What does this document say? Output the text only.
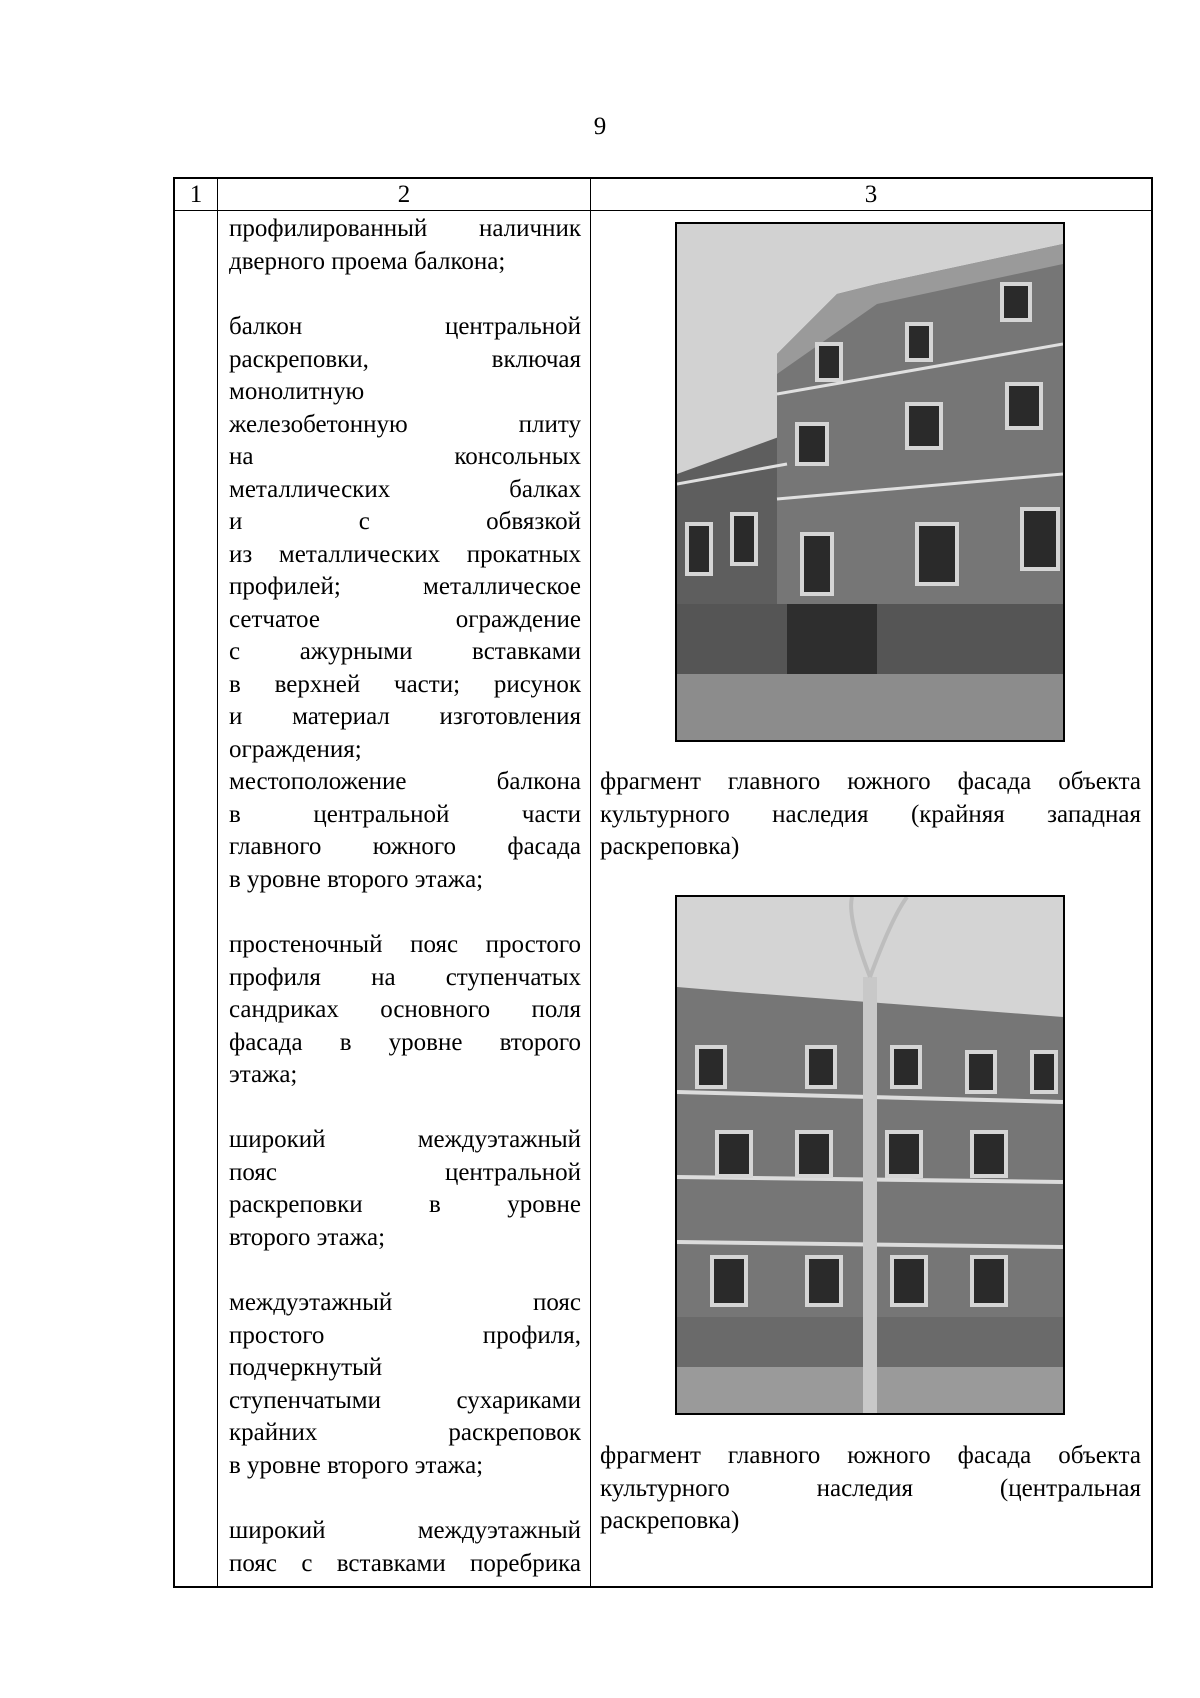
9
1	2	3
профилированный наличник
дверного проема балкона;
балкон центральной
раскреповки, включая
монолитную
железобетонную плиту
на консольных
металлических балках
и с обвязкой
из металлических прокатных
профилей; металлическое
сетчатое ограждение
с ажурными вставками
в верхней части; рисунок
и материал изготовления
ограждения;
местоположение балкона
в центральной части
главного южного фасада
в уровне второго этажа;
простеночный пояс простого
профиля на ступенчатых
сандриках основного поля
фасада в уровне второго
этажа;
широкий междуэтажный
пояс центральной
раскреповки в уровне
второго этажа;
междуэтажный пояс
простого профиля,
подчеркнутый
ступенчатыми сухариками
крайних раскреповок
в уровне второго этажа;
широкий междуэтажный
пояс с вставками поребрика
фрагмент главного южного фасада объекта
культурного наследия (крайняя западная
раскреповка)
фрагмент главного южного фасада объекта
культурного наследия (центральная
раскреповка)
